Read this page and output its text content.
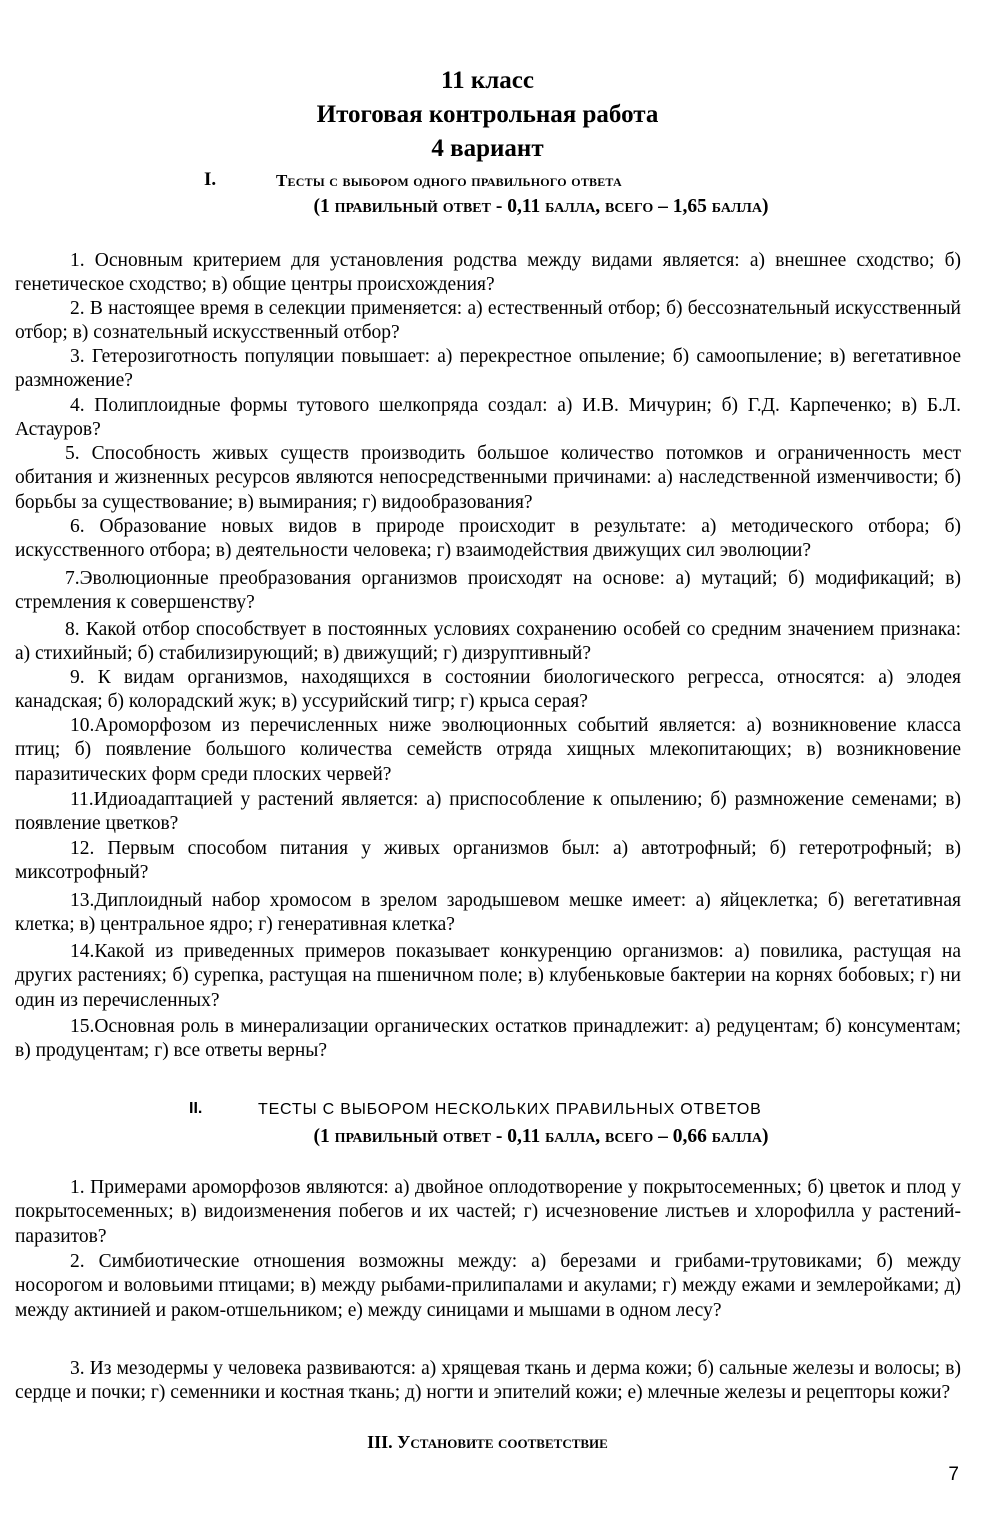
11 класс
Итоговая контрольная работа
4 вариант
I.	Тесты с выбором одного правильного ответа
(1 правильный ответ - 0,11 балла, всего – 1,65 балла)
1. Основным критерием для установления родства между видами является: а) внешнее сходство; б) генетическое сходство; в) общие центры происхождения?
2. В настоящее время в селекции применяется: а) естественный отбор; б) бессознательный искусственный отбор; в) сознательный искусственный отбор?
3. Гетерозиготность популяции повышает: а) перекрестное опыление; б) самоопыление; в) вегетативное размножение?
4. Полиплоидные формы тутового шелкопряда создал: а) И.В. Мичурин; б) Г.Д. Карпеченко; в) Б.Л. Астауров?
5. Способность живых существ производить большое количество потомков и ограниченность мест обитания и жизненных ресурсов являются непосредственными причинами: а) наследственной изменчивости; б) борьбы за существование; в) вымирания; г) видообразования?
6. Образование новых видов в природе происходит в результате: а) методического отбора; б) искусственного отбора; в) деятельности человека; г) взаимодействия движущих сил эволюции?
7.Эволюционные преобразования организмов происходят на основе: а) мутаций; б) модификаций; в) стремления к совершенству?
8. Какой отбор способствует в постоянных условиях сохранению особей со средним значением признака: а) стихийный; б) стабилизирующий; в) движущий; г) дизруптивный?
9. К видам организмов, находящихся в состоянии биологического регресса, относятся: а) элодея канадская; б) колорадский жук; в) уссурийский тигр; г) крыса серая?
10.Ароморфозом из перечисленных ниже эволюционных событий является: а) возникновение класса птиц; б) появление большого количества семейств отряда хищных млекопитающих; в) возникновение паразитических форм среди плоских червей?
11.Идиоадаптацией у растений является: а) приспособление к опылению; б) размножение семенами; в) появление цветков?
12. Первым способом питания у живых организмов был: а) автотрофный; б) гетеротрофный; в) миксотрофный?
13.Диплоидный набор хромосом в зрелом зародышевом мешке имеет: а) яйцеклетка; б) вегетативная клетка; в) центральное ядро; г) генеративная клетка?
14.Какой из приведенных примеров показывает конкуренцию организмов: а) повилика, растущая на других растениях; б) сурепка, растущая на пшеничном поле; в) клубеньковые бактерии на корнях бобовых; г) ни один из перечисленных?
15.Основная роль в минерализации органических остатков принадлежит: а) редуцентам; б) консументам; в) продуцентам; г) все ответы верны?
II.	ТЕСТЫ С ВЫБОРОМ НЕСКОЛЬКИХ ПРАВИЛЬНЫХ ОТВЕТОВ
(1 правильный ответ - 0,11 балла, всего – 0,66 балла)
1. Примерами ароморфозов являются: а) двойное оплодотворение у покрытосеменных; б) цветок и плод у покрытосеменных; в) видоизменения побегов и их частей; г) исчезновение листьев и хлорофилла у растений-паразитов?
2. Симбиотические отношения возможны между: а) березами и грибами-трутовиками; б) между носорогом и воловьими птицами; в) между рыбами-прилипалами и акулами; г) между ежами и землеройками; д) между актинией и раком-отшельником; е) между синицами и мышами в одном лесу?
3. Из мезодермы у человека развиваются: а) хрящевая ткань и дерма кожи; б) сальные железы и волосы; в) сердце и почки; г) семенники и костная ткань; д) ногти и эпителий кожи; е) млечные железы и рецепторы кожи?
III. Установите соответствие
7
